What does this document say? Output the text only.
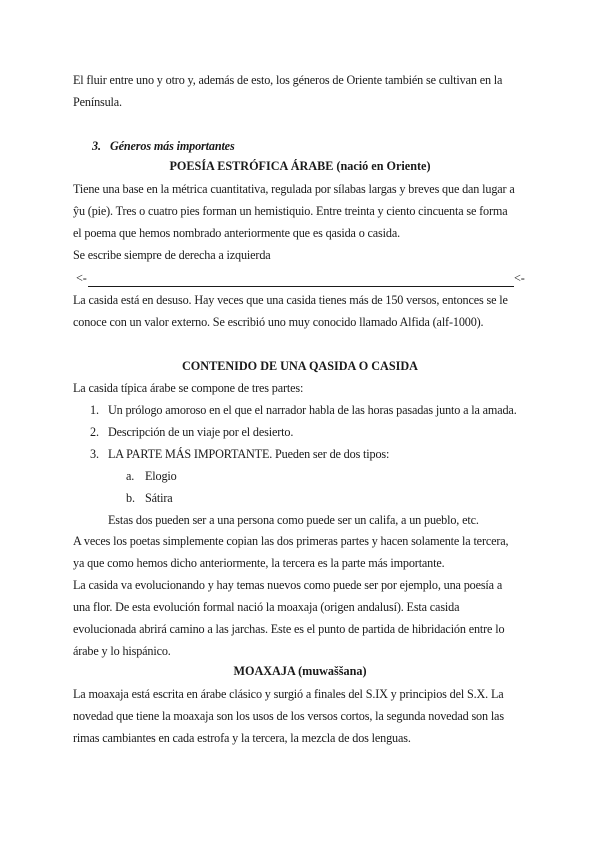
El fluir entre uno y otro y, además de esto, los géneros de Oriente también se cultivan en la
Península.
3. Géneros más importantes
POESÍA ESTRÓFICA ÁRABE (nació en Oriente)
Tiene una base en la métrica cuantitativa, regulada por sílabas largas y breves que dan lugar a
ŷu (pie). Tres o cuatro pies forman un hemistiquio. Entre treinta y ciento cincuenta se forma
el poema que hemos nombrado anteriormente que es qasida o casida.
Se escribe siempre de derecha a izquierda
<-	<-
La casida está en desuso. Hay veces que una casida tienes más de 150 versos, entonces se le
conoce con un valor externo. Se escribió uno muy conocido llamado Alfida (alf-1000).
CONTENIDO DE UNA QASIDA O CASIDA
La casida típica árabe se compone de tres partes:
1. Un prólogo amoroso en el que el narrador habla de las horas pasadas junto a la amada.
2. Descripción de un viaje por el desierto.
3. LA PARTE MÁS IMPORTANTE. Pueden ser de dos tipos:
a. Elogio
b. Sátira
Estas dos pueden ser a una persona como puede ser un califa, a un pueblo, etc.
A veces los poetas simplemente copian las dos primeras partes y hacen solamente la tercera,
ya que como hemos dicho anteriormente, la tercera es la parte más importante.
La casida va evolucionando y hay temas nuevos como puede ser por ejemplo, una poesía a
una flor. De esta evolución formal nació la moaxaja (origen andalusí). Esta casida
evolucionada abrirá camino a las jarchas. Este es el punto de partida de hibridación entre lo
árabe y lo hispánico.
MOAXAJA (muwaššana)
La moaxaja está escrita en árabe clásico y surgió a finales del S.IX y principios del S.X. La
novedad que tiene la moaxaja son los usos de los versos cortos, la segunda novedad son las
rimas cambiantes en cada estrofa y la tercera, la mezcla de dos lenguas.
